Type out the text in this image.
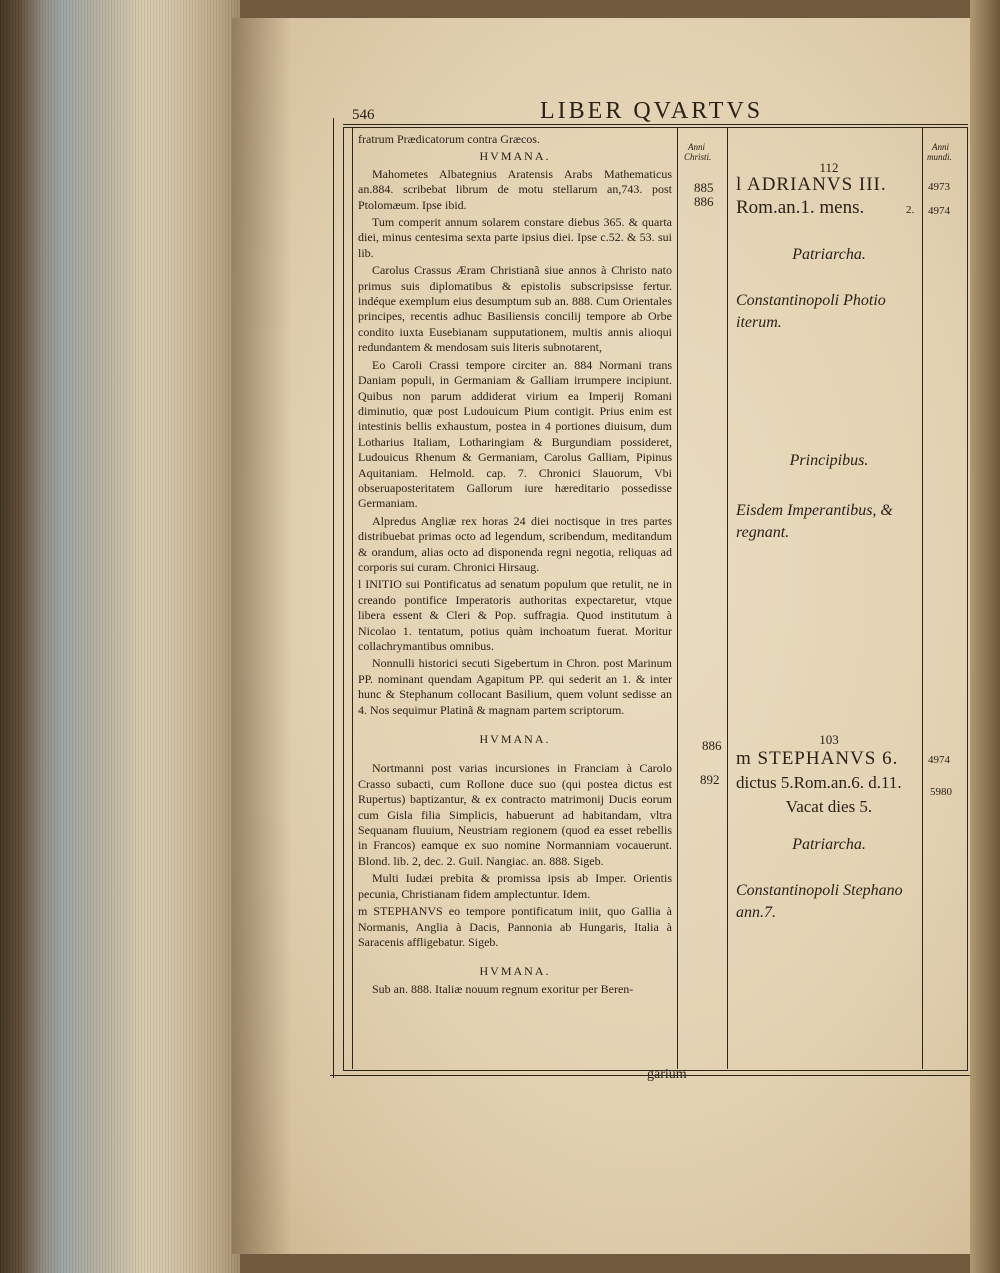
546	LIBER QVARTVS
Anni
Christi.
Anni
mundi.

fratrum Prædicatorum contra Græcos.

HVMANA.

Mahometes Albategnius Aratensis Arabs Mathematicus an.884. scribebat librum de motu stellarum an,743. post Ptolomæum. Ipse ibid.

Tum comperit annum solarem constare diebus 365. & quarta diei, minus centesima sexta parte ipsius diei. Ipse c.52. & 53. sui lib.

Carolus Crassus Æram Christianã siue annos à Christo nato primus suis diplomatibus & epistolis subscripsisse fertur. indéque exemplum eius desumptum sub an. 888. Cum Orientales principes, recentis adhuc Basiliensis concilij tempore ab Orbe condito iuxta Eusebianam supputationem, multis annis alioqui redundantem & mendosam suis literis subnotarent,

Eo Caroli Crassi tempore circiter an. 884 Normani trans Daniam populi, in Germaniam & Galliam irrumpere incipiunt. Quibus non parum addiderat virium ea Imperij Romani diminutio, quæ post Ludouicum Pium contigit. Prius enim est intestinis bellis exhaustum, postea in 4 portiones diuisum, dum Lotharius Italiam, Lotharingiam & Burgundiam possideret, Ludouicus Rhenum & Germaniam, Carolus Galliam, Pipinus Aquitaniam. Helmold. cap. 7. Chronici Slauorum, Vbi obseruaposteritatem Gallorum iure hæreditario possedisse Germaniam.

Alpredus Angliæ rex horas 24 diei noctisque in tres partes distribuebat primas octo ad legendum, scribendum, meditandum & orandum, alias octo ad disponenda regni negotia, reliquas ad corporis sui curam. Chronici Hirsaug.

l INITIO sui Pontificatus ad senatum populum que retulit, ne in creando pontifice Imperatoris authoritas expectaretur, vtque libera essent & Cleri & Pop. suffragia. Quod institutum à Nicolao 1. tentatum, potius quàm inchoatum fuerat. Moritur collachrymantibus omnibus.

Nonnulli historici secuti Sigebertum in Chron. post Marinum PP. nominant quendam Agapitum PP. qui sederit an 1. & inter hunc & Stephanum collocant Basilium, quem volunt sedisse an 4. Nos sequimur Platinã & magnam partem scriptorum.

HVMANA.

Nortmanni post varias incursiones in Franciam à Carolo Crasso subacti, cum Rollone duce suo (qui postea dictus est Rupertus) baptizantur, & ex contracto matrimonij Ducis eorum cum Gisla filia Simplicis, habuerunt ad habitandam, vltra Sequanam fluuium, Neustriam regionem (quod ea esset rebellis in Francos) eamque ex suo nomine Normanniam vocauerunt. Blond. lib. 2, dec. 2. Guil. Nangiac. an. 888. Sigeb.

Multi Iudæi prebita & promissa ipsis ab Imper. Orientis pecunia, Christianam fidem amplectuntur. Idem.

m STEPHANVS eo tempore pontificatum iniit, quo Gallia à Normanis, Anglia à Dacis, Pannonia ab Hungaris, Italia à Saracenis affligebatur. Sigeb.

HVMANA.

Sub an. 888. Italiæ nouum regnum exoritur per Beren-

885
886
886
892
112
l ADRIANVS III.
Rom.an.1. mens.	2.
4973
4974
Patriarcha.
Constantinopoli Photio iterum.
Principibus.
Eisdem Imperantibus, & regnant.
103
m STEPHANVS 6.
dictus 5.Rom.an.6. d.11.
Vacat dies 5.
4974
5980
Patriarcha.
Constantinopoli Stephano ann.7.
garium
